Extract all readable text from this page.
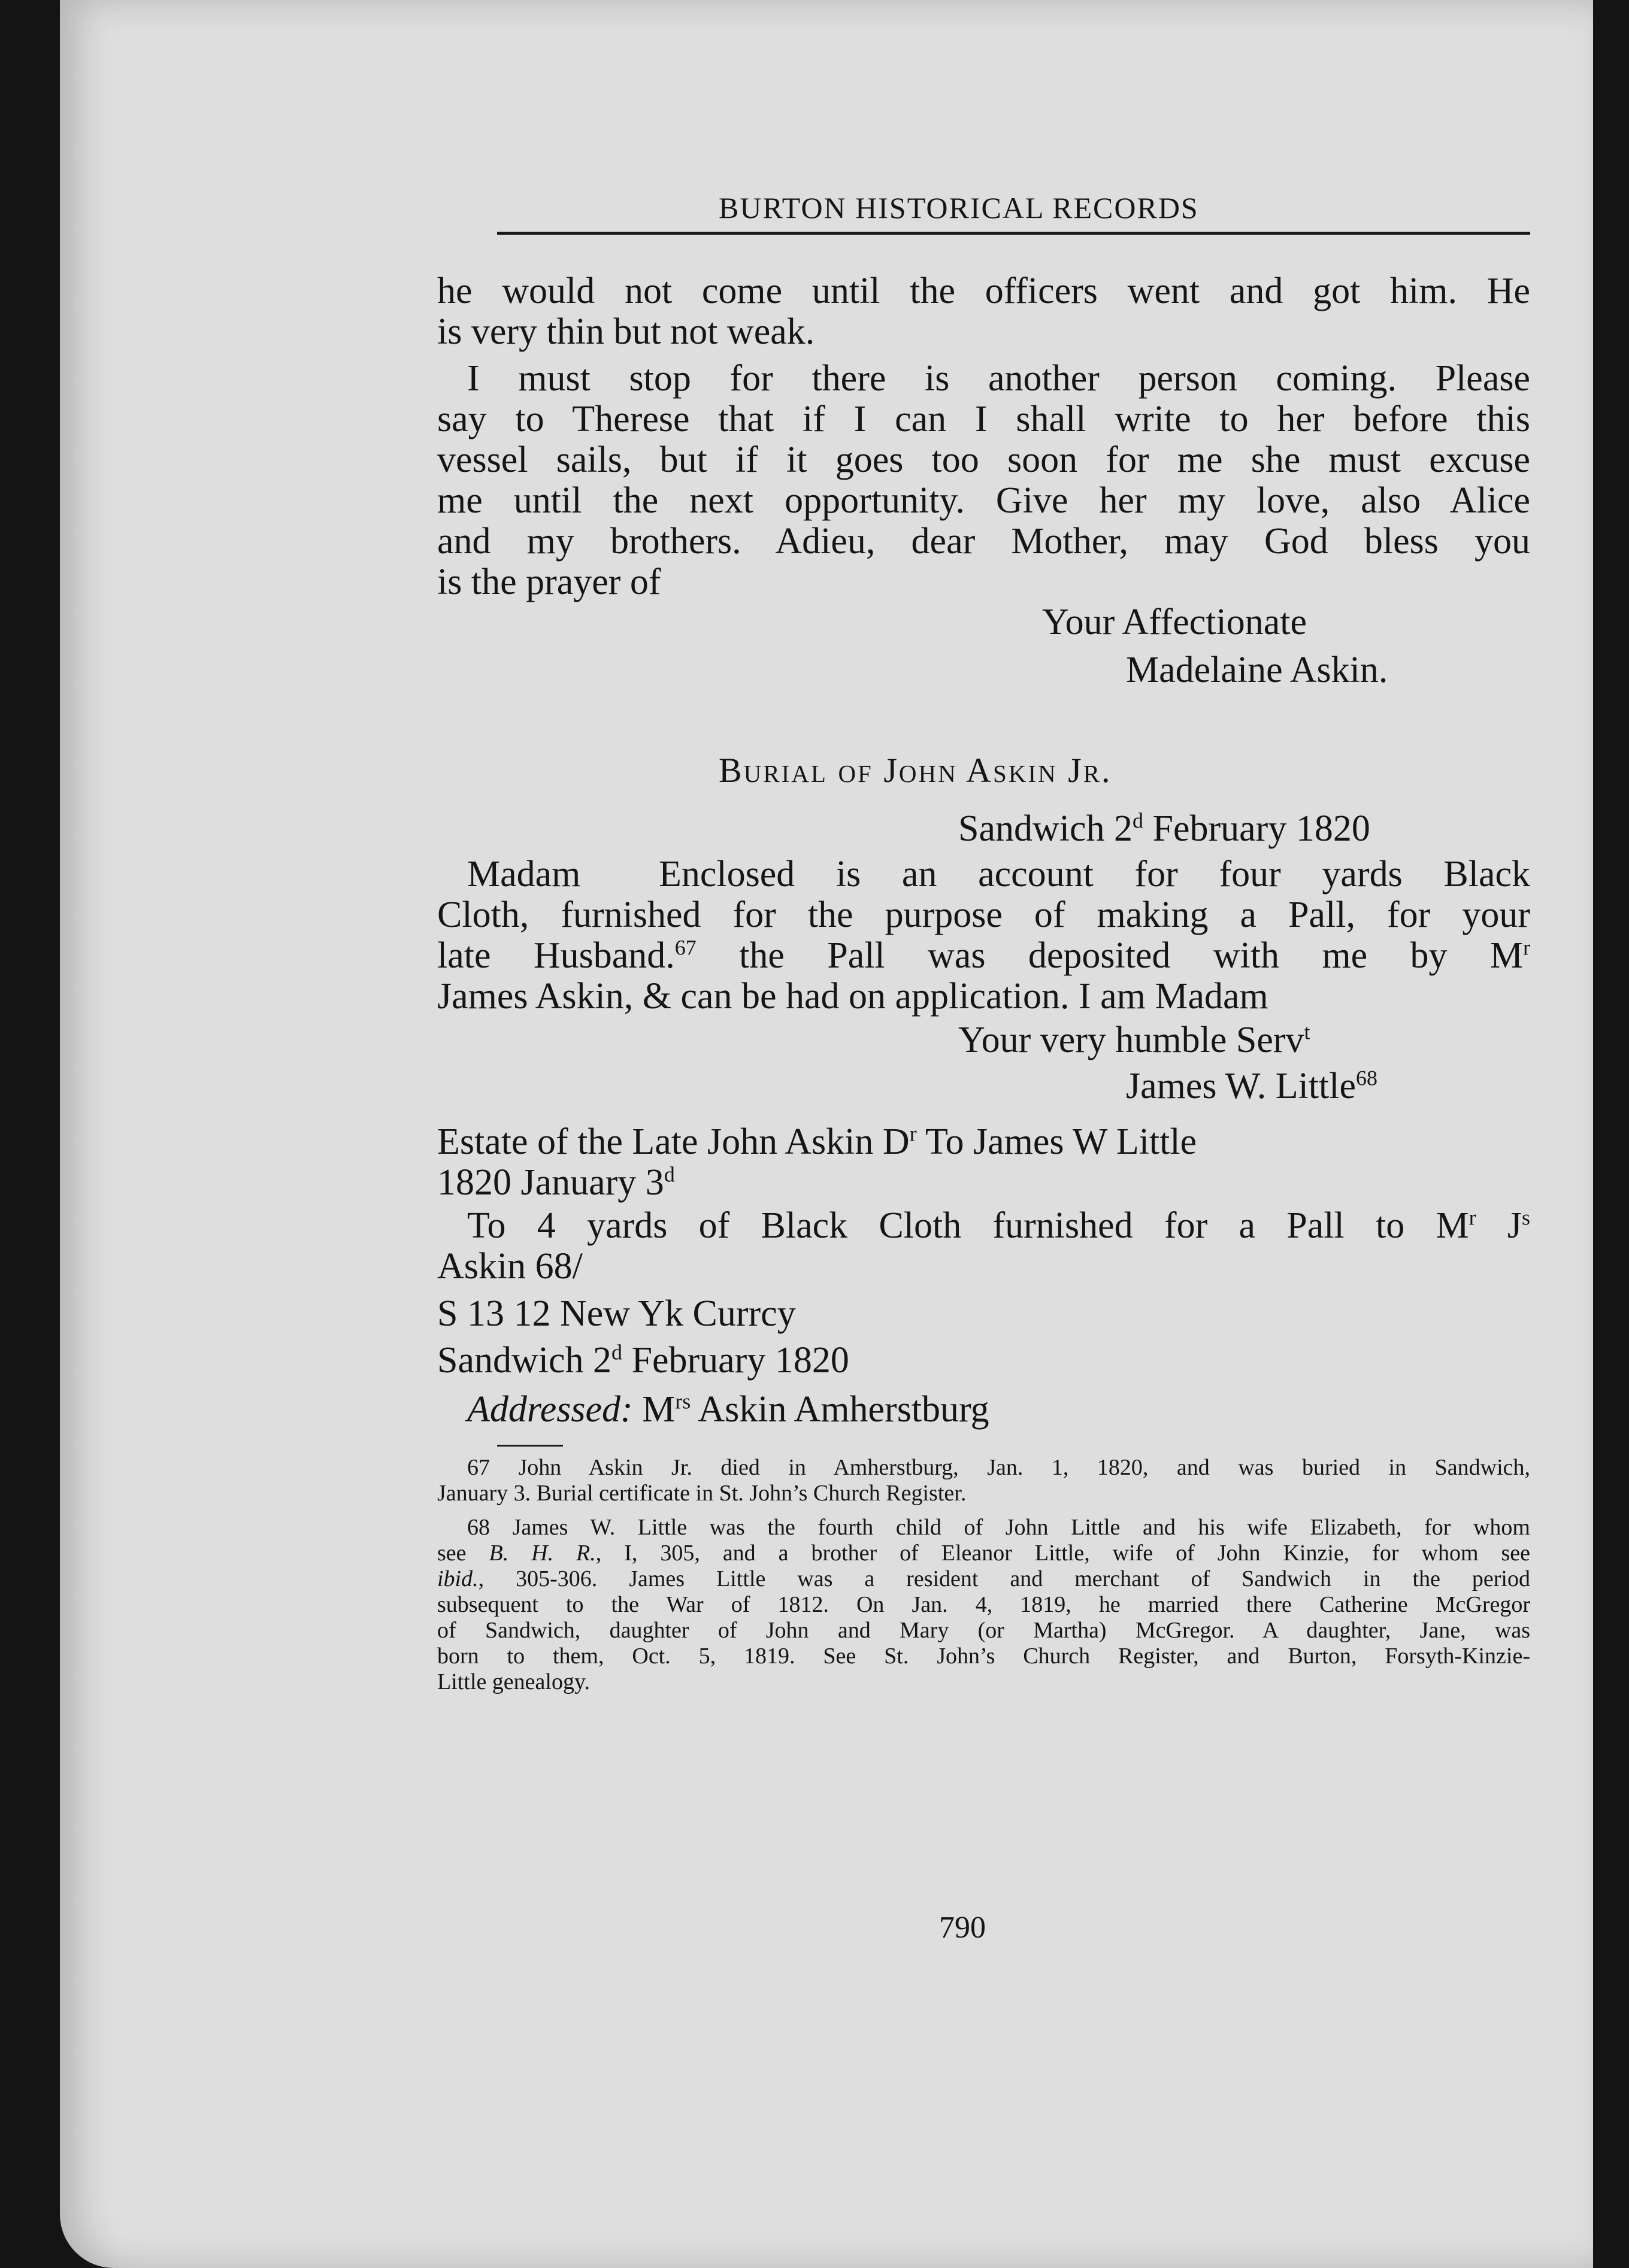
BURTON HISTORICAL RECORDS
he would not come until the officers went and got him. He
is very thin but not weak.
I must stop for there is another person coming. Please
say to Therese that if I can I shall write to her before this
vessel sails, but if it goes too soon for me she must excuse
me until the next opportunity. Give her my love, also Alice
and my brothers. Adieu, dear Mother, may God bless you
is the prayer of
Your Affectionate
Madelaine Askin.
Burial of John Askin Jr.
Sandwich 2$^d$ February 1820
Madam Enclosed is an account for four yards Black
Cloth, furnished for the purpose of making a Pall, for your
late Husband.$^{67}$ the Pall was deposited with me by $M^r$
James Askin, & can be had on application. I am Madam
Your very humble Serv$^t$
James W. Little$^{68}$
Estate of the Late John Askin $D^r$ To James W Little
1820 January 3$^d$
To 4 yards of Black Cloth furnished for a Pall to $M^r$ $J^s$
Askin 68/
S 13 12 New Yk Currcy
Sandwich 2$^d$ February 1820
Addressed: $M^{rs}$ Askin Amherstburg
67 John Askin Jr. died in Amherstburg, Jan. 1, 1820, and was buried in Sandwich,
January 3. Burial certificate in St. John’s Church Register.
68 James W. Little was the fourth child of John Little and his wife Elizabeth, for whom
see B. H. R., I, 305, and a brother of Eleanor Little, wife of John Kinzie, for whom see
ibid., 305-306. James Little was a resident and merchant of Sandwich in the period
subsequent to the War of 1812. On Jan. 4, 1819, he married there Catherine McGregor
of Sandwich, daughter of John and Mary (or Martha) McGregor. A daughter, Jane, was
born to them, Oct. 5, 1819. See St. John’s Church Register, and Burton, Forsyth-Kinzie-
Little genealogy.
790
